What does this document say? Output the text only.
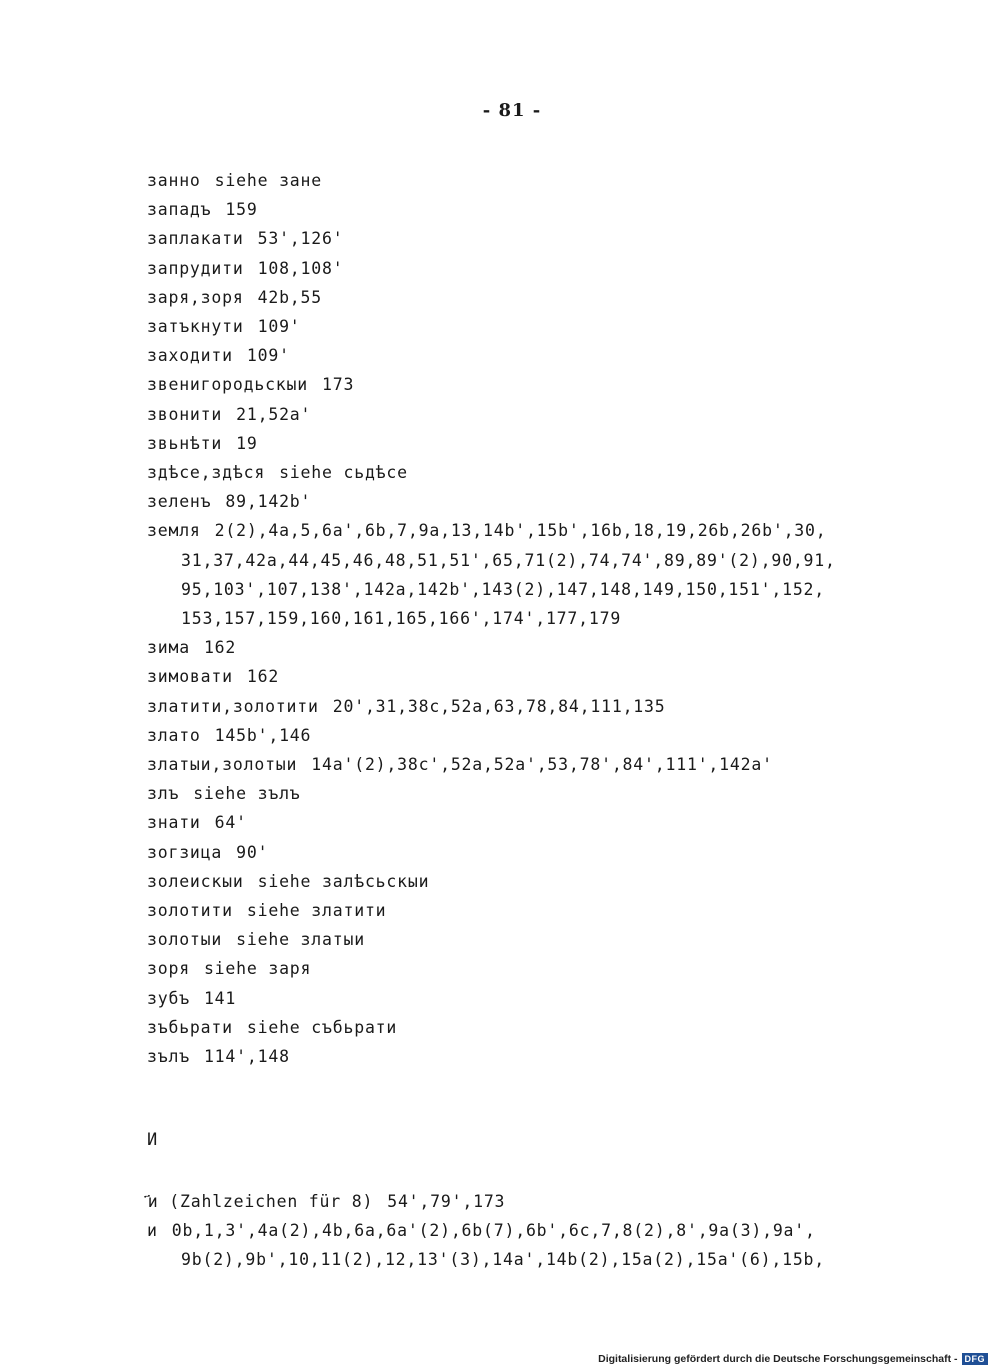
- 81 -
занно siehe зане
западъ 159
заплакати 53',126'
запрудити 108,108'
заря,зоря 42b,55
затъкнути 109'
заходити 109'
звенигородьскыи 173
звонити 21,52a'
звьнѣти 19
здѣсе,здѣся siehe сьдѣсе
зеленъ 89,142b'
земля 2(2),4a,5,6a',6b,7,9a,13,14b',15b',16b,18,19,26b,26b',30,
31,37,42a,44,45,46,48,51,51',65,71(2),74,74',89,89'(2),90,91,
95,103',107,138',142a,142b',143(2),147,148,149,150,151',152,
153,157,159,160,161,165,166',174',177,179
зима 162
зимовати 162
златити,золотити 20',31,38c,52a,63,78,84,111,135
злато 145b',146
златыи,золотыи 14a'(2),38c',52a,52a',53,78',84',111',142a'
злъ siehe зълъ
знати 64'
зогзица 90'
золеискыи siehe залѣсьскыи
золотити siehe златити
золотыи siehe златыи
зоря siehe заря
зубъ 141
зъбьрати siehe събьрати
зълъ 114',148
И
҃и (Zahlzeichen für 8) 54',79',173
и 0b,1,3',4a(2),4b,6a,6a'(2),6b(7),6b',6c,7,8(2),8',9a(3),9a',
9b(2),9b',10,11(2),12,13'(3),14a',14b(2),15a(2),15a'(6),15b,
Digitalisierung gefördert durch die Deutsche Forschungsgemeinschaft - DFG
